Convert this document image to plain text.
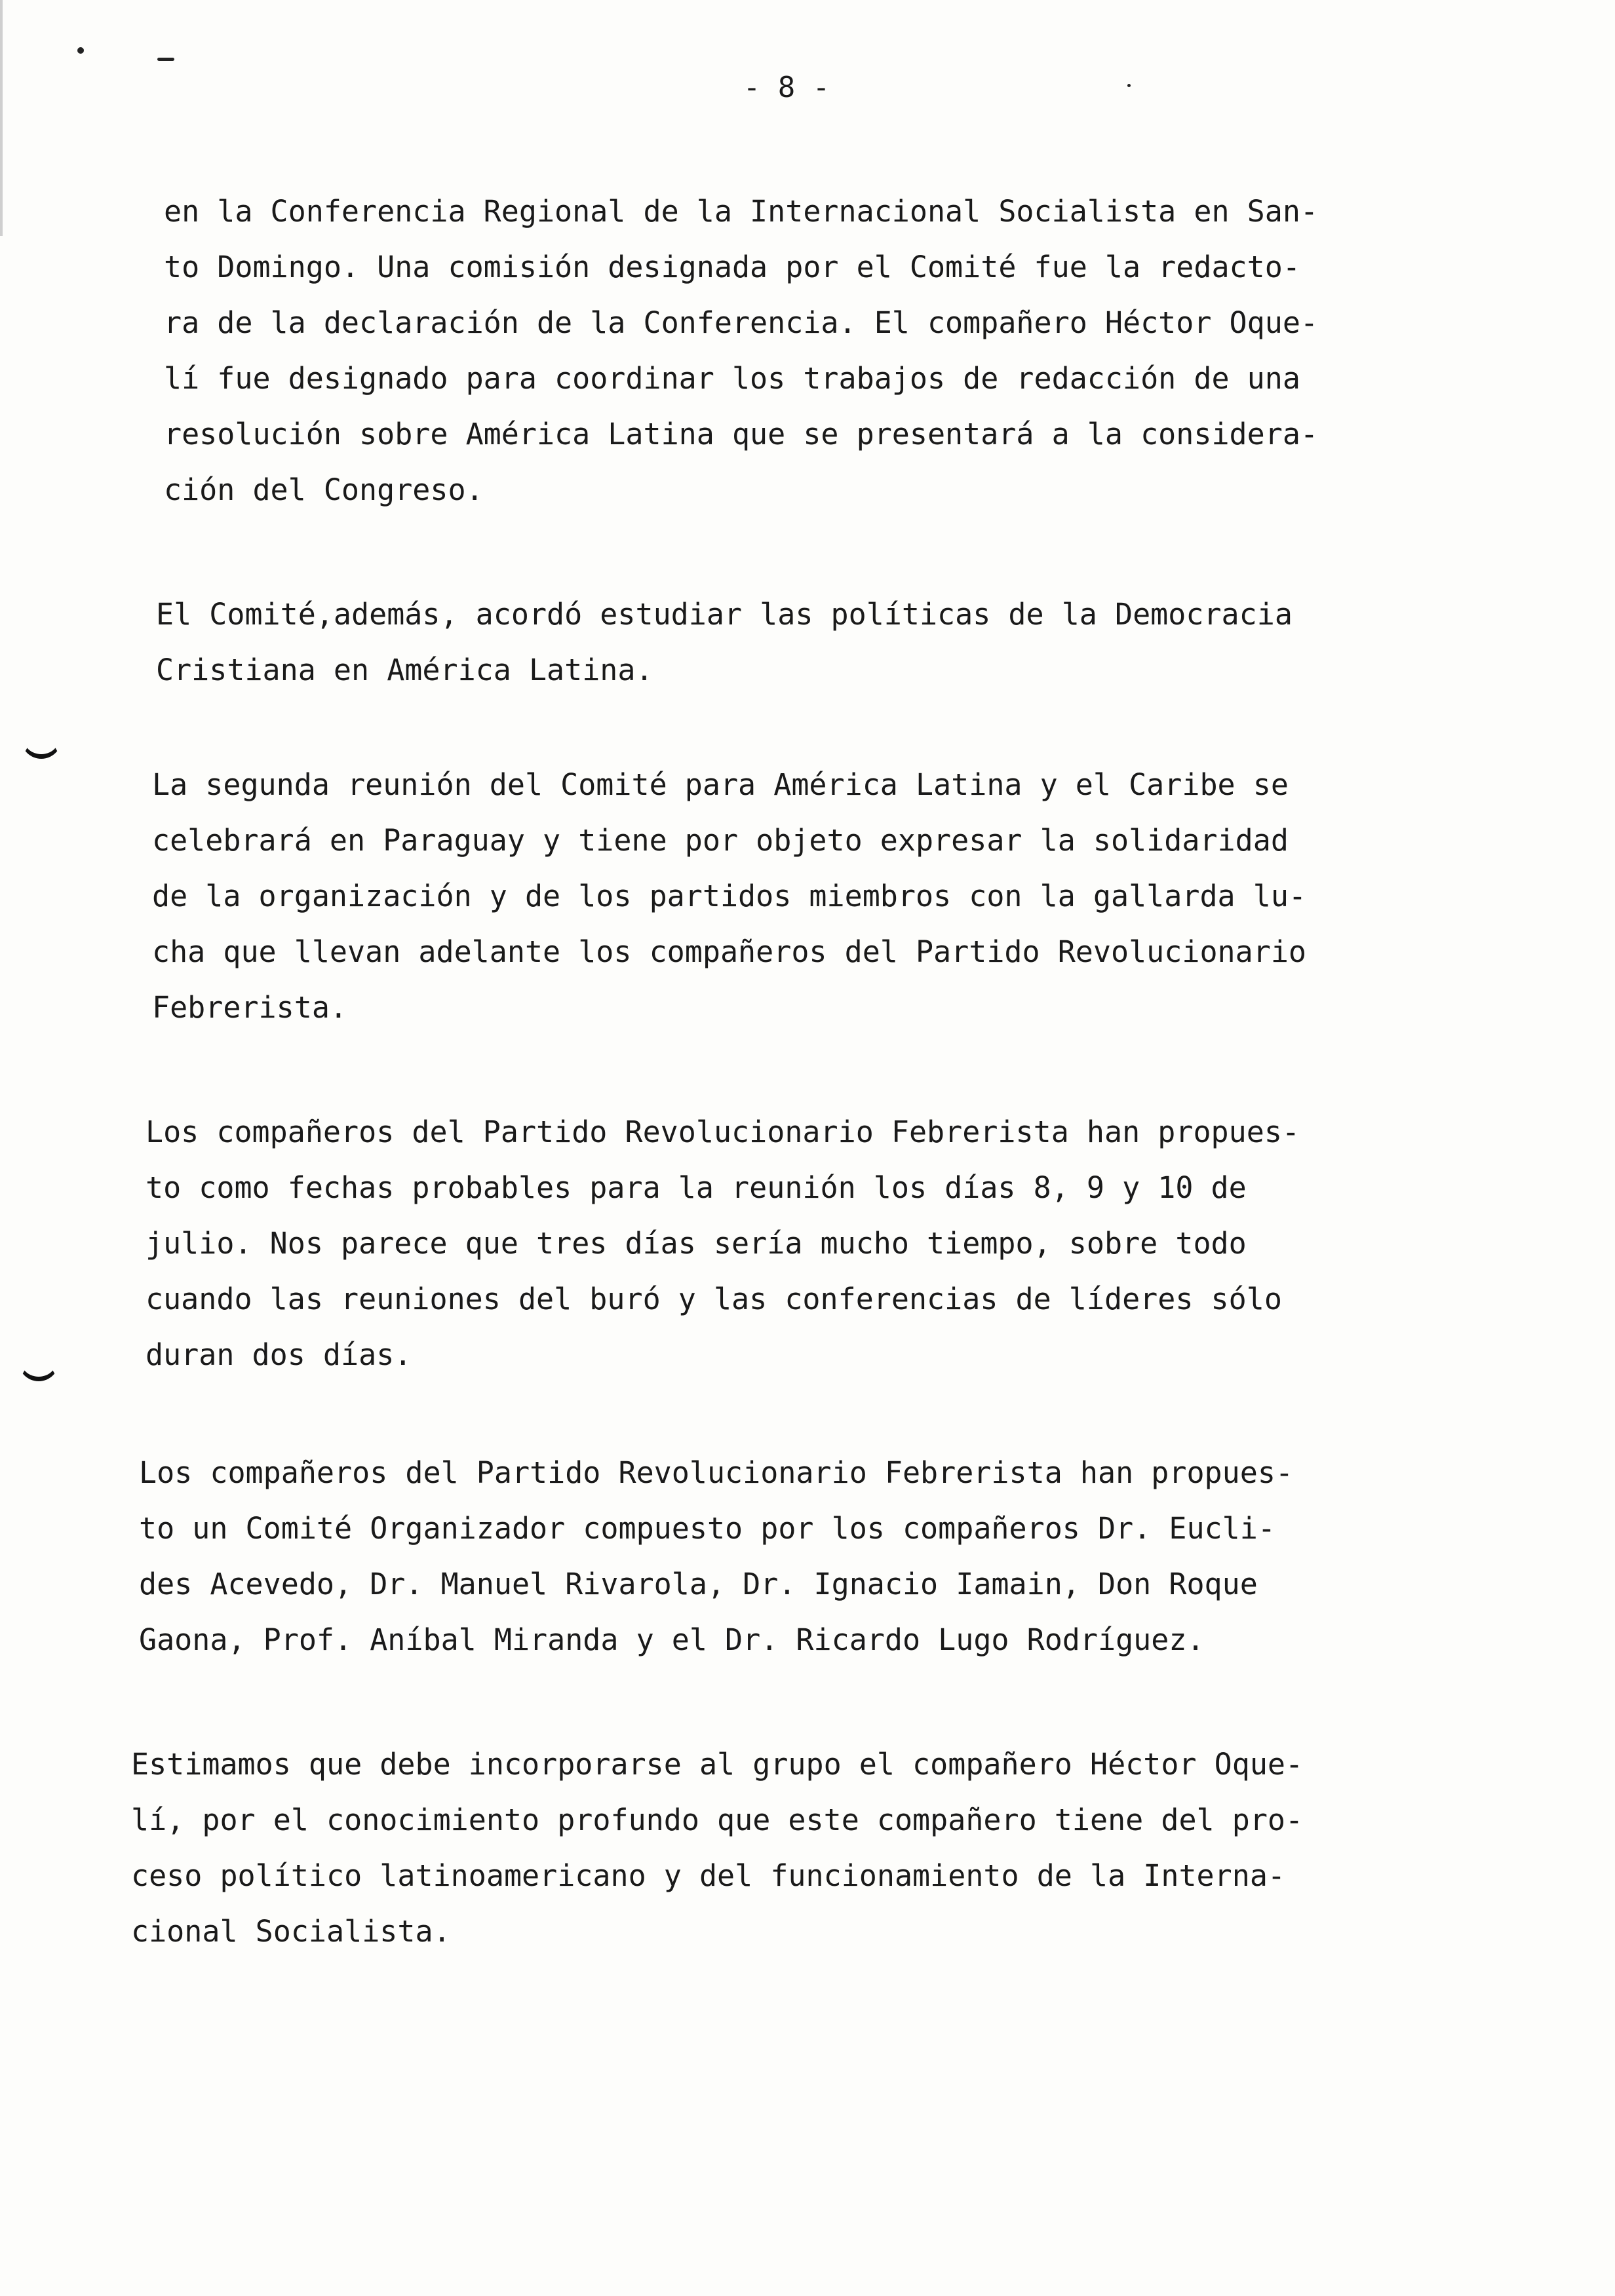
- 8 -

en la Conferencia Regional de la Internacional Socialista en San-
to Domingo. Una comisión designada por el Comité fue la redacto-
ra de la declaración de la Conferencia. El compañero Héctor Oque-
lí fue designado para coordinar los trabajos de redacción de una
resolución sobre América Latina que se presentará a la considera-
ción del Congreso.

El Comité,además, acordó estudiar las políticas de la Democracia
Cristiana en América Latina.

La segunda reunión del Comité para América Latina y el Caribe se
celebrará en Paraguay y tiene por objeto expresar la solidaridad
de la organización y de los partidos miembros con la gallarda lu-
cha que llevan adelante los compañeros del Partido Revolucionario
Febrerista.

Los compañeros del Partido Revolucionario Febrerista han propues-
to como fechas probables para la reunión los días 8, 9 y 10 de
julio. Nos parece que tres días sería mucho tiempo, sobre todo
cuando las reuniones del buró y las conferencias de líderes sólo
duran dos días.

Los compañeros del Partido Revolucionario Febrerista han propues-
to un Comité Organizador compuesto por los compañeros Dr. Eucli-
des Acevedo, Dr. Manuel Rivarola, Dr. Ignacio Iamain, Don Roque
Gaona, Prof. Aníbal Miranda y el Dr. Ricardo Lugo Rodríguez.

Estimamos que debe incorporarse al grupo el compañero Héctor Oque-
lí, por el conocimiento profundo que este compañero tiene del pro-
ceso político latinoamericano y del funcionamiento de la Interna-
cional Socialista.
